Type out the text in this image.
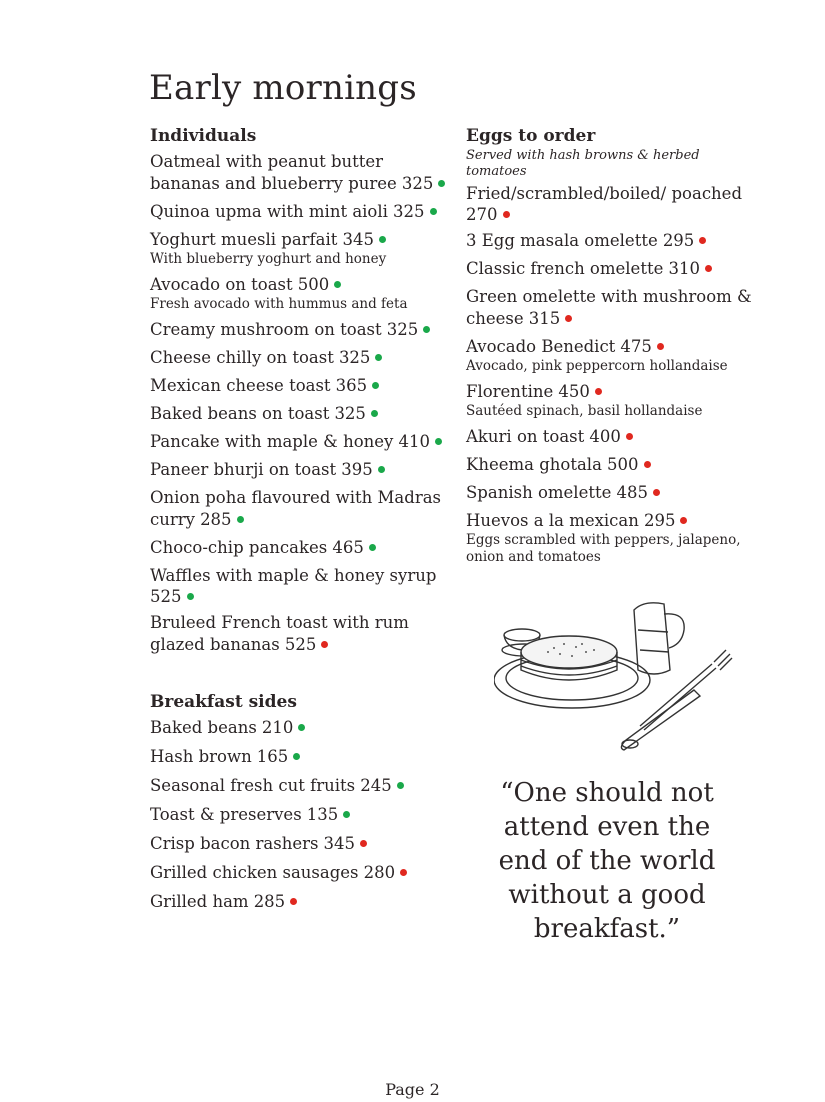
Early mornings
Individuals
Oatmeal with peanut butter bananas and blueberry puree 325
Quinoa upma with mint aioli 325
Yoghurt muesli parfait 345
With blueberry yoghurt and honey
Avocado on toast 500
Fresh avocado with hummus and feta
Creamy mushroom on toast 325
Cheese chilly on toast 325
Mexican cheese toast 365
Baked beans on toast 325
Pancake with maple & honey 410
Paneer bhurji on toast 395
Onion poha flavoured with Madras curry 285
Choco-chip pancakes 465
Waffles with maple & honey syrup 525
Bruleed French toast with rum glazed bananas 525
Breakfast sides
Baked beans 210
Hash brown 165
Seasonal fresh cut fruits 245
Toast & preserves 135
Crisp bacon rashers 345
Grilled chicken sausages 280
Grilled ham 285
Eggs to order

Served with hash browns & herbed tomatoes

Fried/scrambled/boiled/ poached 270
3 Egg masala omelette 295
Classic french omelette 310
Green omelette with mushroom & cheese 315
Avocado Benedict 475
Avocado, pink peppercorn hollandaise
Florentine 450
Sautéed spinach, basil hollandaise
Akuri on toast 400
Kheema ghotala 500
Spanish omelette 485
Huevos a la mexican 295
Eggs scrambled with peppers, jalapeno, onion and tomatoes
“One should not attend even the end of the world without a good breakfast.”
Page 2
